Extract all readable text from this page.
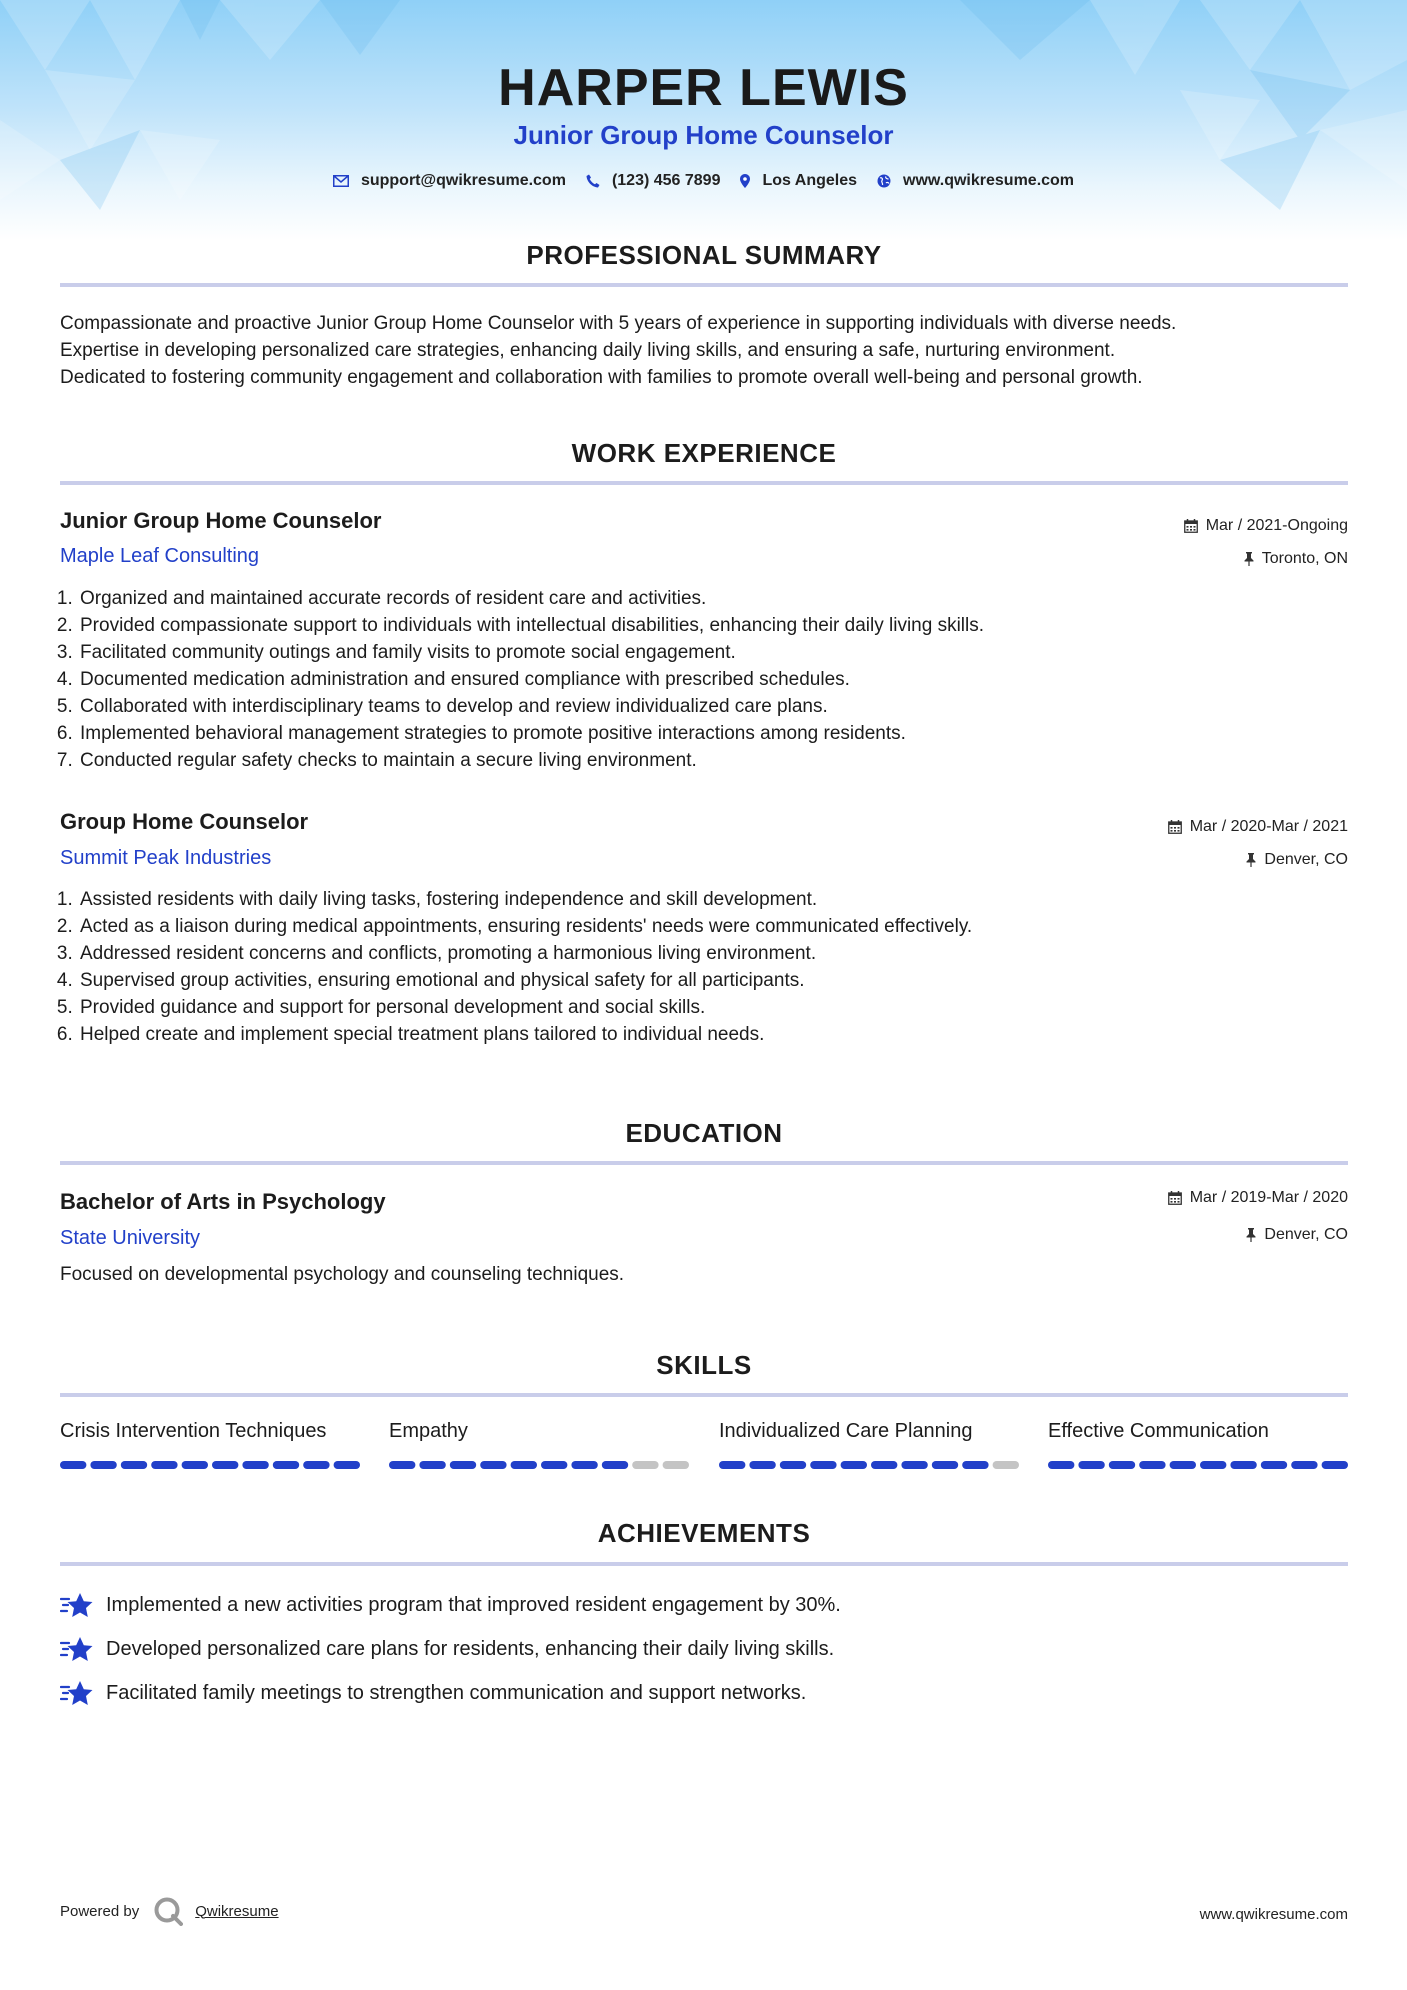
HARPER LEWIS
Junior Group Home Counselor
support@qwikresume.com	(123) 456 7899	Los Angeles	www.qwikresume.com
PROFESSIONAL SUMMARY
Compassionate and proactive Junior Group Home Counselor with 5 years of experience in supporting individuals with diverse needs.
Expertise in developing personalized care strategies, enhancing daily living skills, and ensuring a safe, nurturing environment.
Dedicated to fostering community engagement and collaboration with families to promote overall well-being and personal growth.
WORK EXPERIENCE
Junior Group Home Counselor
Maple Leaf Consulting
Mar / 2021-Ongoing
Toronto, ON
1. Organized and maintained accurate records of resident care and activities.
2. Provided compassionate support to individuals with intellectual disabilities, enhancing their daily living skills.
3. Facilitated community outings and family visits to promote social engagement.
4. Documented medication administration and ensured compliance with prescribed schedules.
5. Collaborated with interdisciplinary teams to develop and review individualized care plans.
6. Implemented behavioral management strategies to promote positive interactions among residents.
7. Conducted regular safety checks to maintain a secure living environment.
Group Home Counselor
Summit Peak Industries
Mar / 2020-Mar / 2021
Denver, CO
1. Assisted residents with daily living tasks, fostering independence and skill development.
2. Acted as a liaison during medical appointments, ensuring residents' needs were communicated effectively.
3. Addressed resident concerns and conflicts, promoting a harmonious living environment.
4. Supervised group activities, ensuring emotional and physical safety for all participants.
5. Provided guidance and support for personal development and social skills.
6. Helped create and implement special treatment plans tailored to individual needs.
EDUCATION
Bachelor of Arts in Psychology
State University
Mar / 2019-Mar / 2020
Denver, CO
Focused on developmental psychology and counseling techniques.
SKILLS
Crisis Intervention Techniques	Empathy	Individualized Care Planning	Effective Communication
ACHIEVEMENTS
Implemented a new activities program that improved resident engagement by 30%.
Developed personalized care plans for residents, enhancing their daily living skills.
Facilitated family meetings to strengthen communication and support networks.
Powered by	Qwikresume	www.qwikresume.com
